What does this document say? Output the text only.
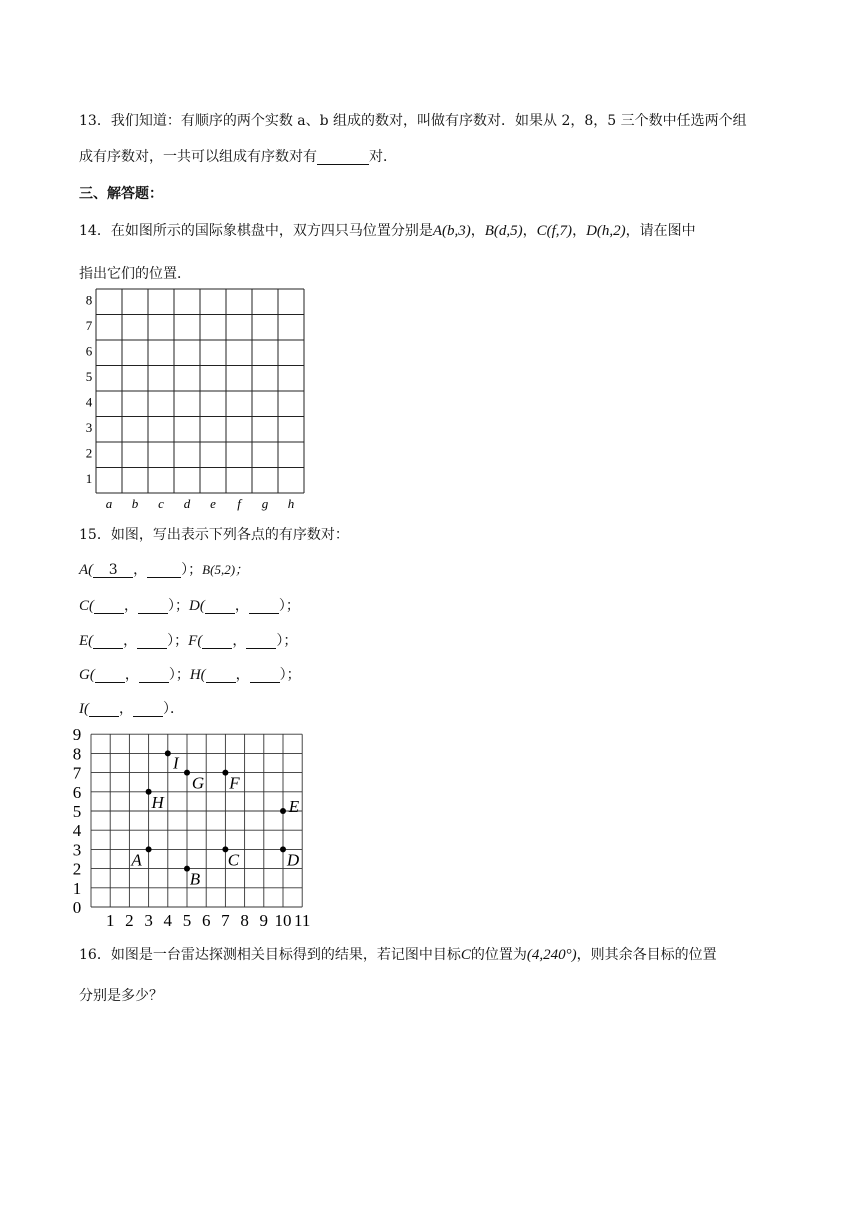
13．我们知道：有顺序的两个实数 a、b 组成的数对，叫做有序数对．如果从 2，8，5 三个数中任选两个组
成有序数对，一共可以组成有序数对有	对．
三、解答题：
14．在如图所示的国际象棋盘中，双方四只马位置分别是A(b,3)，B(d,5)，C(f,7)，D(h,2)，请在图中
指出它们的位置．
8
7
6
5
4
3
2
1
a b c d e f g h
15．如图，写出表示下列各点的有序数对：
A( 3 ， ）；B(5,2)；
C( ， ）；D( ， ）；
E( ， ）；F( ， ）；
G( ， ）；H( ， ）；
I( ， ）．
0
1
2
3
4
5
6
7
8
9
1 2 3 4 5 6 7 8 9 10 11
A
B
C	D
E
F
G
H
I
16．如图是一台雷达探测相关目标得到的结果，若记图中目标C的位置为(4,240°)，则其余各目标的位置
分别是多少？
